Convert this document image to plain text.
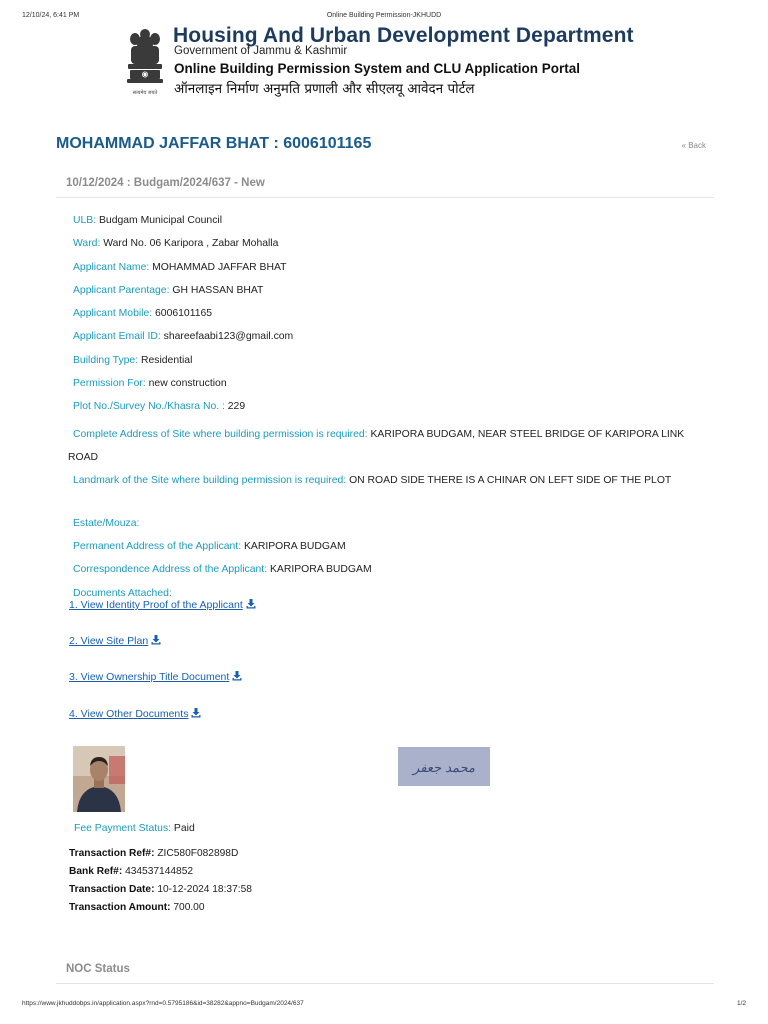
12/10/24, 6:41 PM	Online Building Permission-JKHUDD
सत्यमेव जयते
Housing And Urban Development Department
Government of Jammu & Kashmir
Online Building Permission System and CLU Application Portal
ऑनलाइन निर्माण अनुमति प्रणाली और सीएलयू आवेदन पोर्टल
MOHAMMAD JAFFAR BHAT : 6006101165	« Back
10/12/2024 : Budgam/2024/637 - New
ULB: Budgam Municipal Council
Ward: Ward No. 06 Karipora , Zabar Mohalla
Applicant Name: MOHAMMAD JAFFAR BHAT
Applicant Parentage: GH HASSAN BHAT
Applicant Mobile: 6006101165
Applicant Email ID: shareefaabi123@gmail.com
Building Type: Residential
Permission For: new construction
Plot No./Survey No./Khasra No. : 229
Complete Address of Site where building permission is required: KARIPORA BUDGAM, NEAR STEEL BRIDGE OF KARIPORA LINK ROAD
Landmark of the Site where building permission is required: ON ROAD SIDE THERE IS A CHINAR ON LEFT SIDE OF THE PLOT
Estate/Mouza:
Permanent Address of the Applicant: KARIPORA BUDGAM
Correspondence Address of the Applicant: KARIPORA BUDGAM
Documents Attached:
1. View Identity Proof of the Applicant
2. View Site Plan
3. View Ownership Title Document
4. View Other Documents
محمد جعفر
Fee Payment Status: Paid
Transaction Ref#: ZIC580F082898D
Bank Ref#: 434537144852
Transaction Date: 10-12-2024 18:37:58
Transaction Amount: 700.00
NOC Status
https://www.jkhuddobps.in/application.aspx?rnd=0.5795186&id=38282&appno=Budgam/2024/637	1/2
